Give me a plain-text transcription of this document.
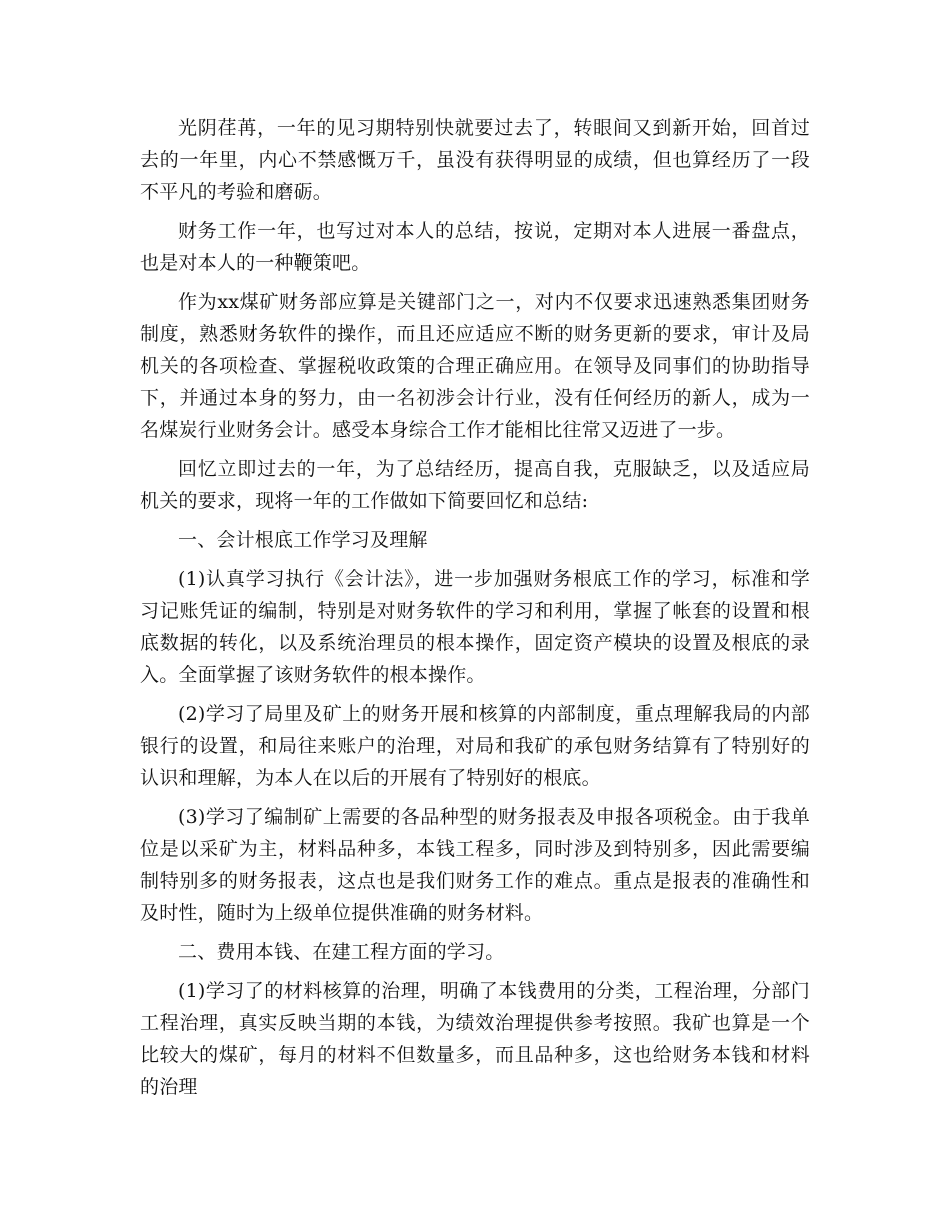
光阴荏苒，一年的见习期特别快就要过去了，转眼间又到新开始，回首过去的一年里，内心不禁感慨万千，虽没有获得明显的成绩，但也算经历了一段不平凡的考验和磨砺。

财务工作一年，也写过对本人的总结，按说，定期对本人进展一番盘点，也是对本人的一种鞭策吧。

作为xx煤矿财务部应算是关键部门之一，对内不仅要求迅速熟悉集团财务制度，熟悉财务软件的操作，而且还应适应不断的财务更新的要求，审计及局机关的各项检查、掌握税收政策的合理正确应用。在领导及同事们的协助指导下，并通过本身的努力，由一名初涉会计行业，没有任何经历的新人，成为一名煤炭行业财务会计。感受本身综合工作才能相比往常又迈进了一步。

回忆立即过去的一年，为了总结经历，提高自我，克服缺乏，以及适应局机关的要求，现将一年的工作做如下简要回忆和总结:

一、会计根底工作学习及理解

(1)认真学习执行《会计法》，进一步加强财务根底工作的学习，标准和学习记账凭证的编制，特别是对财务软件的学习和利用，掌握了帐套的设置和根底数据的转化，以及系统治理员的根本操作，固定资产模块的设置及根底的录入。全面掌握了该财务软件的根本操作。

(2)学习了局里及矿上的财务开展和核算的内部制度，重点理解我局的内部银行的设置，和局往来账户的治理，对局和我矿的承包财务结算有了特别好的认识和理解，为本人在以后的开展有了特别好的根底。

(3)学习了编制矿上需要的各品种型的财务报表及申报各项税金。由于我单位是以采矿为主，材料品种多，本钱工程多，同时涉及到特别多，因此需要编制特别多的财务报表，这点也是我们财务工作的难点。重点是报表的准确性和及时性，随时为上级单位提供准确的财务材料。

二、费用本钱、在建工程方面的学习。

(1)学习了的材料核算的治理，明确了本钱费用的分类，工程治理，分部门工程治理，真实反映当期的本钱，为绩效治理提供参考按照。我矿也算是一个比较大的煤矿，每月的材料不但数量多，而且品种多，这也给财务本钱和材料的治理
